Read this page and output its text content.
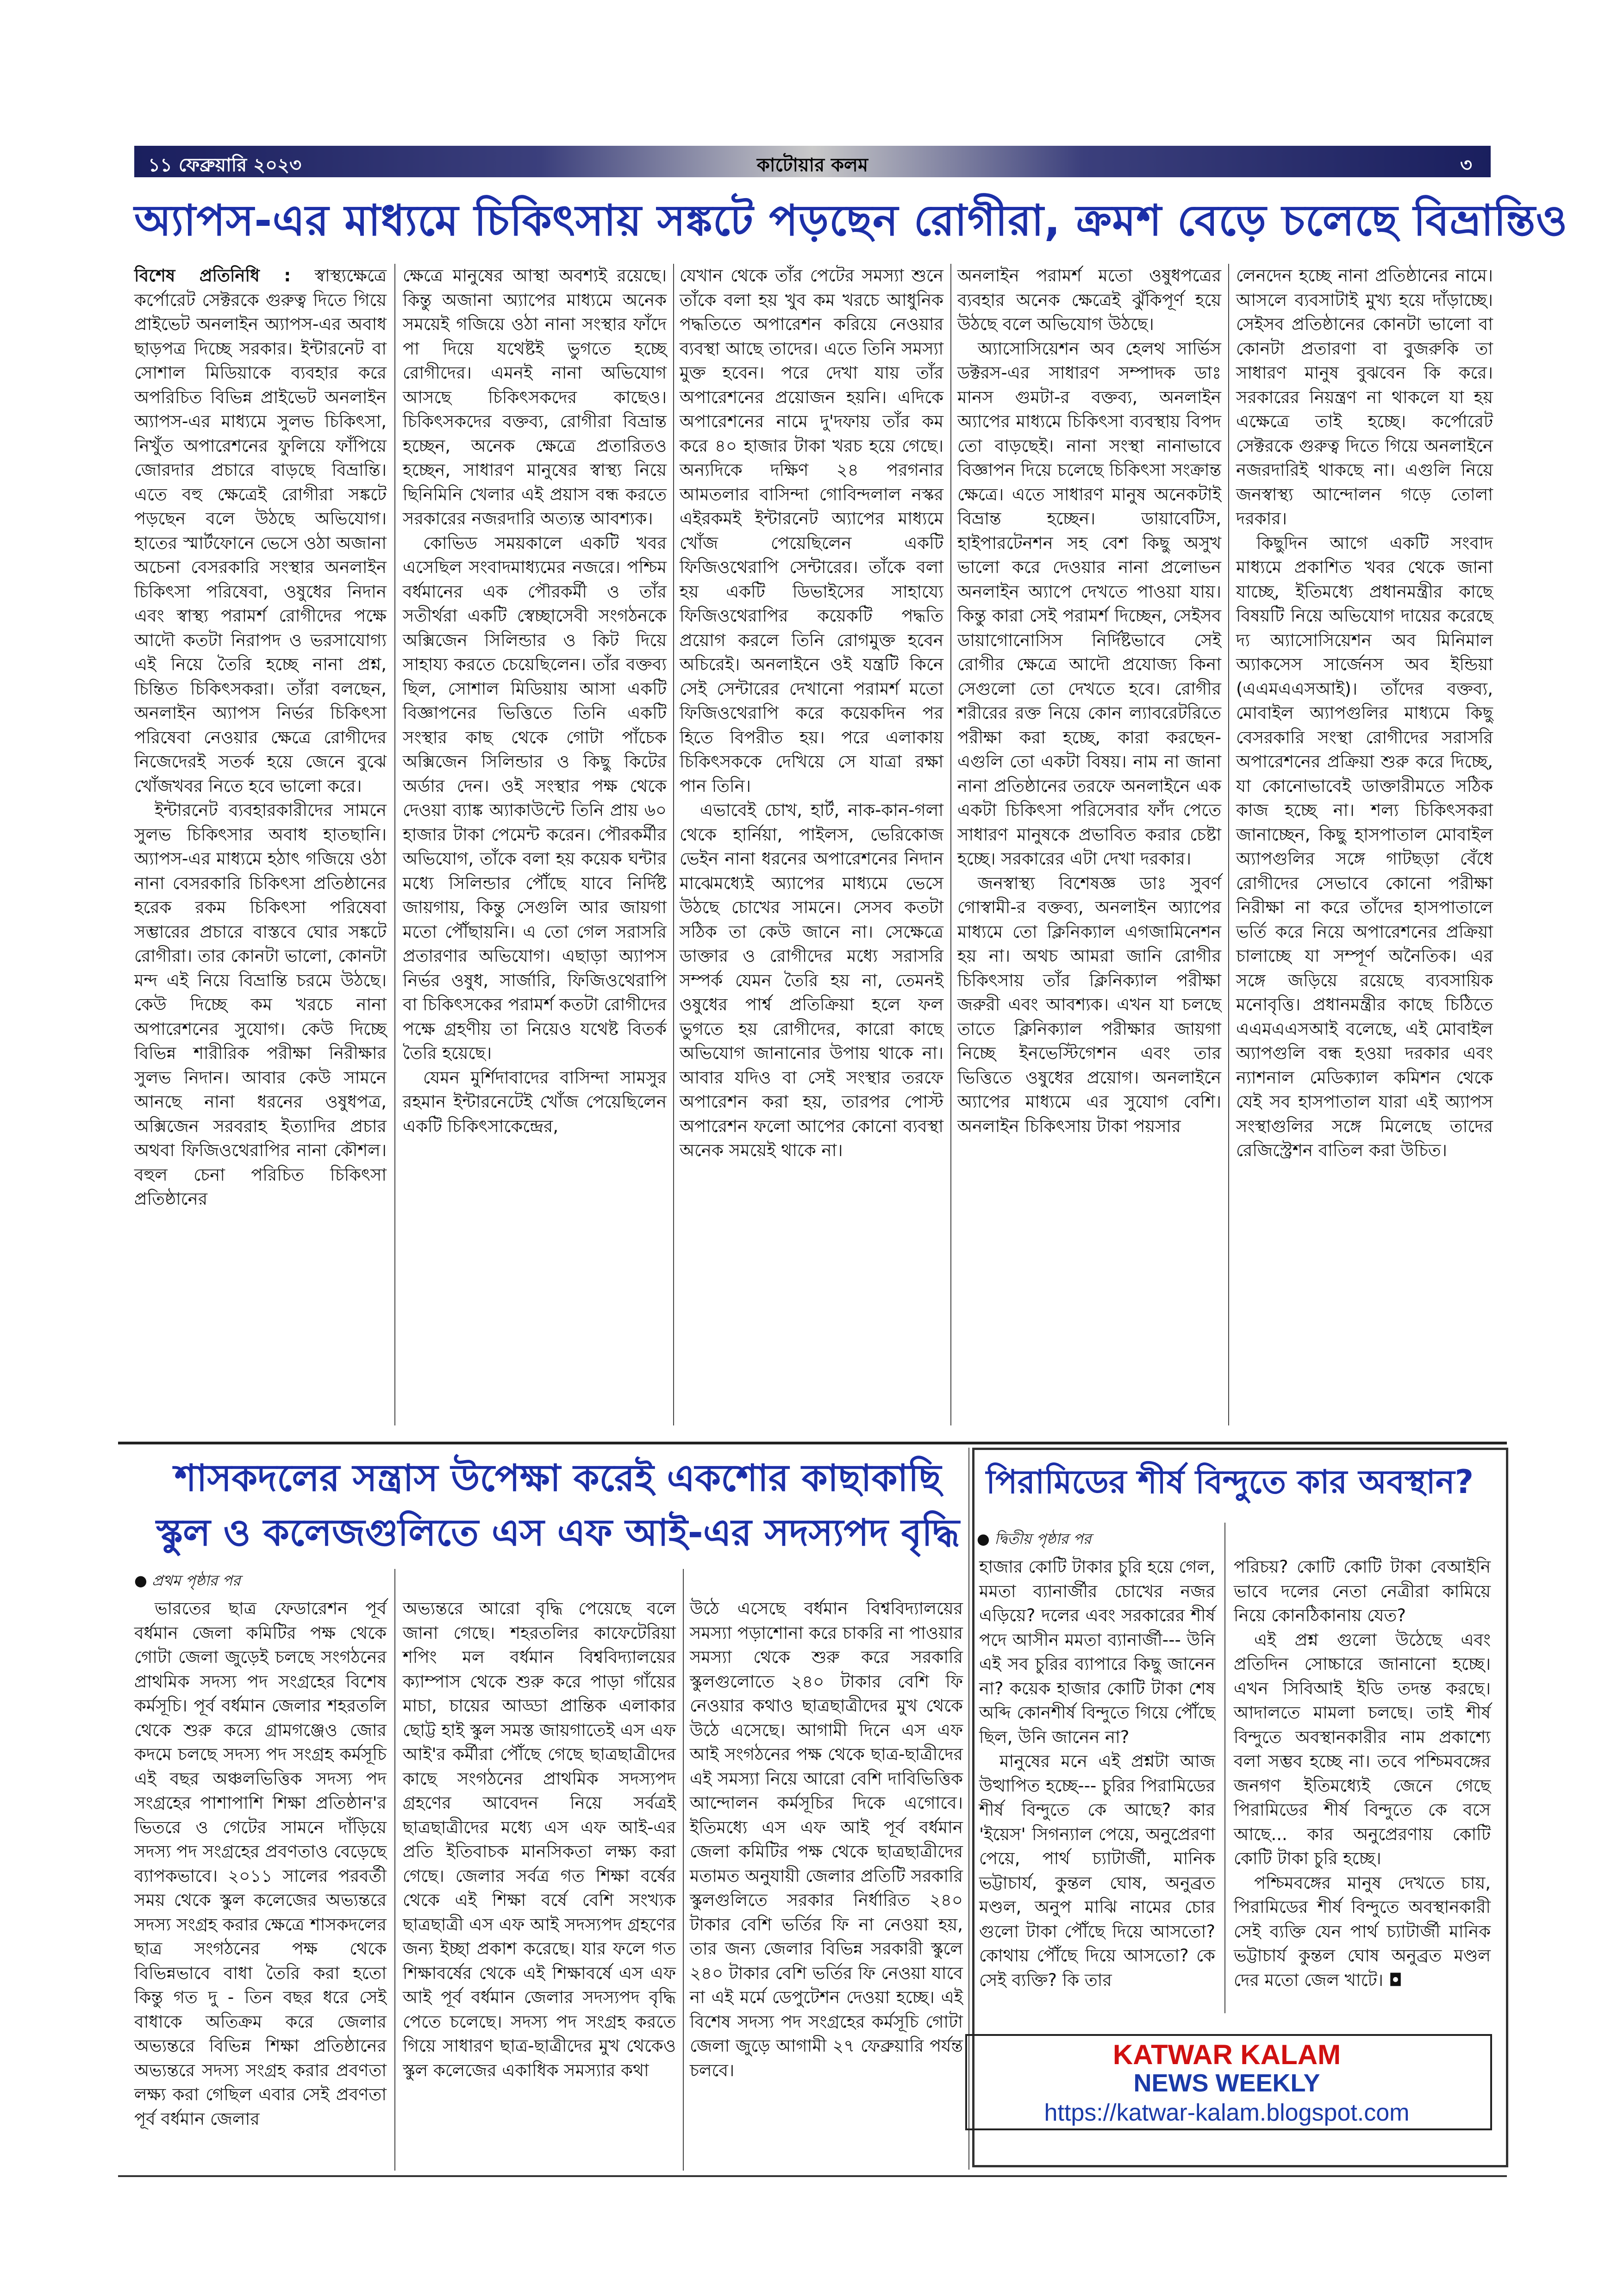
১১ ফেব্রুয়ারি ২০২৩	কাটোয়ার কলম	৩
অ্যাপস-এর মাধ্যমে চিকিৎসায় সঙ্কটে পড়ছেন রোগীরা, ক্রমশ বেড়ে চলেছে বিভ্রান্তিও

বিশেষ প্রতিনিধি : স্বাস্থ্যক্ষেত্রে কর্পোরেট সেক্টরকে গুরুত্ব দিতে গিয়ে প্রাইভেট অনলাইন অ্যাপস-এর অবাধ ছাড়পত্র দিচ্ছে সরকার। ইন্টারনেট বা সোশাল মিডিয়াকে ব্যবহার করে অপরিচিত বিভিন্ন প্রাইভেট অনলাইন অ্যাপস-এর মাধ্যমে সুলভ চিকিৎসা, নিখুঁত অপারেশনের ফুলিয়ে ফাঁপিয়ে জোরদার প্রচারে বাড়ছে বিভ্রান্তি। এতে বহু ক্ষেত্রেই রোগীরা সঙ্কটে পড়ছেন বলে উঠছে অভিযোগ। হাতের স্মার্টফোনে ভেসে ওঠা অজানা অচেনা বেসরকারি সংস্থার অনলাইন চিকিৎসা পরিষেবা, ওষুধের নিদান এবং স্বাস্থ্য পরামর্শ রোগীদের পক্ষে আদৌ কতটা নিরাপদ ও ভরসাযোগ্য এই নিয়ে তৈরি হচ্ছে নানা প্রশ্ন, চিন্তিত চিকিৎসকরা। তাঁরা বলছেন, অনলাইন অ্যাপস নির্ভর চিকিৎসা পরিষেবা নেওয়ার ক্ষেত্রে রোগীদের নিজেদেরই সতর্ক হয়ে জেনে বুঝে খোঁজখবর নিতে হবে ভালো করে।

ইন্টারনেট ব্যবহারকারীদের সামনে সুলভ চিকিৎসার অবাধ হাতছানি। অ্যাপস-এর মাধ্যমে হঠাৎ গজিয়ে ওঠা নানা বেসরকারি চিকিৎসা প্রতিষ্ঠানের হরেক রকম চিকিৎসা পরিষেবা সম্ভারের প্রচারে বাস্তবে ঘোর সঙ্কটে রোগীরা। তার কোনটা ভালো, কোনটা মন্দ এই নিয়ে বিভ্রান্তি চরমে উঠছে। কেউ দিচ্ছে কম খরচে নানা অপারেশনের সুযোগ। কেউ দিচ্ছে বিভিন্ন শারীরিক পরীক্ষা নিরীক্ষার সুলভ নিদান। আবার কেউ সামনে আনছে নানা ধরনের ওষুধপত্র, অক্সিজেন সরবরাহ ইত্যাদির প্রচার অথবা ফিজিওথেরাপির নানা কৌশল। বহুল চেনা পরিচিত চিকিৎসা প্রতিষ্ঠানের

ক্ষেত্রে মানুষের আস্থা অবশ্যই রয়েছে। কিন্তু অজানা অ্যাপের মাধ্যমে অনেক সময়েই গজিয়ে ওঠা নানা সংস্থার ফাঁদে পা দিয়ে যথেষ্টই ভুগতে হচ্ছে রোগীদের। এমনই নানা অভিযোগ আসছে চিকিৎসকদের কাছেও। চিকিৎসকদের বক্তব্য, রোগীরা বিভ্রান্ত হচ্ছেন, অনেক ক্ষেত্রে প্রতারিতও হচ্ছেন, সাধারণ মানুষের স্বাস্থ্য নিয়ে ছিনিমিনি খেলার এই প্রয়াস বন্ধ করতে সরকারের নজরদারি অত্যন্ত আবশ্যক।

কোভিড সময়কালে একটি খবর এসেছিল সংবাদমাধ্যমের নজরে। পশ্চিম বর্ধমানের এক পৌরকর্মী ও তাঁর সতীর্থরা একটি স্বেচ্ছাসেবী সংগঠনকে অক্সিজেন সিলিন্ডার ও কিট দিয়ে সাহায্য করতে চেয়েছিলেন। তাঁর বক্তব্য ছিল, সোশাল মিডিয়ায় আসা একটি বিজ্ঞাপনের ভিত্তিতে তিনি একটি সংস্থার কাছ থেকে গোটা পাঁচেক অক্সিজেন সিলিন্ডার ও কিছু কিটের অর্ডার দেন। ওই সংস্থার পক্ষ থেকে দেওয়া ব্যাঙ্ক অ্যাকাউন্টে তিনি প্রায় ৬০ হাজার টাকা পেমেন্ট করেন। পৌরকর্মীর অভিযোগ, তাঁকে বলা হয় কয়েক ঘন্টার মধ্যে সিলিন্ডার পৌঁছে যাবে নির্দিষ্ট জায়গায়, কিন্তু সেগুলি আর জায়গা মতো পৌঁছায়নি। এ তো গেল সরাসরি প্রতারণার অভিযোগ। এছাড়া অ্যাপস নির্ভর ওষুধ, সার্জারি, ফিজিওথেরাপি বা চিকিৎসকের পরামর্শ কতটা রোগীদের পক্ষে গ্রহণীয় তা নিয়েও যথেষ্ট বিতর্ক তৈরি হয়েছে।

যেমন মুর্শিদাবাদের বাসিন্দা সামসুর রহমান ইন্টারনেটেই খোঁজ পেয়েছিলেন একটি চিকিৎসাকেন্দ্রের,

যেখান থেকে তাঁর পেটের সমস্যা শুনে তাঁকে বলা হয় খুব কম খরচে আধুনিক পদ্ধতিতে অপারেশন করিয়ে নেওয়ার ব্যবস্থা আছে তাদের। এতে তিনি সমস্যা মুক্ত হবেন। পরে দেখা যায় তাঁর অপারেশনের প্রয়োজন হয়নি। এদিকে অপারেশনের নামে দু'দফায় তাঁর কম করে ৪০ হাজার টাকা খরচ হয়ে গেছে। অন্যদিকে দক্ষিণ ২৪ পরগনার আমতলার বাসিন্দা গোবিন্দলাল নস্কর এইরকমই ইন্টারনেট অ্যাপের মাধ্যমে খোঁজ পেয়েছিলেন একটি ফিজিওথেরাপি সেন্টারের। তাঁকে বলা হয় একটি ডিভাইসের সাহায্যে ফিজিওথেরাপির কয়েকটি পদ্ধতি প্রয়োগ করলে তিনি রোগমুক্ত হবেন অচিরেই। অনলাইনে ওই যন্ত্রটি কিনে সেই সেন্টারের দেখানো পরামর্শ মতো ফিজিওথেরাপি করে কয়েকদিন পর হিতে বিপরীত হয়। পরে এলাকায় চিকিৎসককে দেখিয়ে সে যাত্রা রক্ষা পান তিনি।

এভাবেই চোখ, হার্ট, নাক-কান-গলা থেকে হার্নিয়া, পাইলস, ভেরিকোজ ভেইন নানা ধরনের অপারেশনের নিদান মাঝেমধ্যেই অ্যাপের মাধ্যমে ভেসে উঠছে চোখের সামনে। সেসব কতটা সঠিক তা কেউ জানে না। সেক্ষেত্রে ডাক্তার ও রোগীদের মধ্যে সরাসরি সম্পর্ক যেমন তৈরি হয় না, তেমনই ওষুধের পার্শ্ব প্রতিক্রিয়া হলে ফল ভুগতে হয় রোগীদের, কারো কাছে অভিযোগ জানানোর উপায় থাকে না। আবার যদিও বা সেই সংস্থার তরফে অপারেশন করা হয়, তারপর পোস্ট অপারেশন ফলো আপের কোনো ব্যবস্থা অনেক সময়েই থাকে না।

অনলাইন পরামর্শ মতো ওষুধপত্রের ব্যবহার অনেক ক্ষেত্রেই ঝুঁকিপূর্ণ হয়ে উঠছে বলে অভিযোগ উঠছে।

অ্যাসোসিয়েশন অব হেলথ সার্ভিস ডক্টরস-এর সাধারণ সম্পাদক ডাঃ মানস গুমটা-র বক্তব্য, অনলাইন অ্যাপের মাধ্যমে চিকিৎসা ব্যবস্থায় বিপদ তো বাড়ছেই। নানা সংস্থা নানাভাবে বিজ্ঞাপন দিয়ে চলেছে চিকিৎসা সংক্রান্ত ক্ষেত্রে। এতে সাধারণ মানুষ অনেকটাই বিভ্রান্ত হচ্ছেন। ডায়াবেটিস, হাইপারটেনশন সহ বেশ কিছু অসুখ ভালো করে দেওয়ার নানা প্রলোভন অনলাইন অ্যাপে দেখতে পাওয়া যায়। কিন্তু কারা সেই পরামর্শ দিচ্ছেন, সেইসব ডায়াগোনোসিস নির্দিষ্টভাবে সেই রোগীর ক্ষেত্রে আদৌ প্রযোজ্য কিনা সেগুলো তো দেখতে হবে। রোগীর শরীরের রক্ত নিয়ে কোন ল্যাবরেটরিতে পরীক্ষা করা হচ্ছে, কারা করছেন- এগুলি তো একটা বিষয়। নাম না জানা নানা প্রতিষ্ঠানের তরফে অনলাইনে এক একটা চিকিৎসা পরিসেবার ফাঁদ পেতে সাধারণ মানুষকে প্রভাবিত করার চেষ্টা হচ্ছে। সরকারের এটা দেখা দরকার।

জনস্বাস্থ্য বিশেষজ্ঞ ডাঃ সুবর্ণ গোস্বামী-র বক্তব্য, অনলাইন অ্যাপের মাধ্যমে তো ক্লিনিক্যাল এগজামিনেশন হয় না। অথচ আমরা জানি রোগীর চিকিৎসায় তাঁর ক্লিনিক্যাল পরীক্ষা জরুরী এবং আবশ্যক। এখন যা চলছে তাতে ক্লিনিক্যাল পরীক্ষার জায়গা নিচ্ছে ইনভেস্টিগেশন এবং তার ভিত্তিতে ওষুধের প্রয়োগ। অনলাইনে অ্যাপের মাধ্যমে এর সুযোগ বেশি। অনলাইন চিকিৎসায় টাকা পয়সার

লেনদেন হচ্ছে নানা প্রতিষ্ঠানের নামে। আসলে ব্যবসাটাই মুখ্য হয়ে দাঁড়াচ্ছে। সেইসব প্রতিষ্ঠানের কোনটা ভালো বা কোনটা প্রতারণা বা বুজরুকি তা সাধারণ মানুষ বুঝবেন কি করে। সরকারের নিয়ন্ত্রণ না থাকলে যা হয় এক্ষেত্রে তাই হচ্ছে। কর্পোরেট সেক্টরকে গুরুত্ব দিতে গিয়ে অনলাইনে নজরদারিই থাকছে না। এগুলি নিয়ে জনস্বাস্থ্য আন্দোলন গড়ে তোলা দরকার।

কিছুদিন আগে একটি সংবাদ মাধ্যমে প্রকাশিত খবর থেকে জানা যাচ্ছে, ইতিমধ্যে প্রধানমন্ত্রীর কাছে বিষয়টি নিয়ে অভিযোগ দায়ের করেছে দ্য অ্যাসোসিয়েশন অব মিনিমাল অ্যাকসেস সার্জেনস অব ইন্ডিয়া (এএমএএসআই)। তাঁদের বক্তব্য, মোবাইল অ্যাপগুলির মাধ্যমে কিছু বেসরকারি সংস্থা রোগীদের সরাসরি অপারেশনের প্রক্রিয়া শুরু করে দিচ্ছে, যা কোনোভাবেই ডাক্তারীমতে সঠিক কাজ হচ্ছে না। শল্য চিকিৎসকরা জানাচ্ছেন, কিছু হাসপাতাল মোবাইল অ্যাপগুলির সঙ্গে গাটছড়া বেঁধে রোগীদের সেভাবে কোনো পরীক্ষা নিরীক্ষা না করে তাঁদের হাসপাতালে ভর্তি করে নিয়ে অপারেশনের প্রক্রিয়া চালাচ্ছে যা সম্পূর্ণ অনৈতিক। এর সঙ্গে জড়িয়ে রয়েছে ব্যবসায়িক মনোবৃত্তি। প্রধানমন্ত্রীর কাছে চিঠিতে এএমএএসআই বলেছে, এই মোবাইল অ্যাপগুলি বন্ধ হওয়া দরকার এবং ন্যাশনাল মেডিক্যাল কমিশন থেকে যেই সব হাসপাতাল যারা এই অ্যাপস সংস্থাগুলির সঙ্গে মিলেছে তাদের রেজিস্ট্রেশন বাতিল করা উচিত।

শাসকদলের সন্ত্রাস উপেক্ষা করেই একশোর কাছাকাছি
স্কুল ও কলেজগুলিতে এস এফ আই-এর সদস্যপদ বৃদ্ধি
● প্রথম পৃষ্ঠার পর

ভারতের ছাত্র ফেডারেশন পূর্ব বর্ধমান জেলা কমিটির পক্ষ থেকে গোটা জেলা জুড়েই চলছে সংগঠনের প্রাথমিক সদস্য পদ সংগ্রহের বিশেষ কর্মসূচি। পূর্ব বর্ধমান জেলার শহরতলি থেকে শুরু করে গ্রামগঞ্জেও জোর কদমে চলছে সদস্য পদ সংগ্রহ কর্মসূচি এই বছর অঞ্চলভিত্তিক সদস্য পদ সংগ্রহের পাশাপাশি শিক্ষা প্রতিষ্ঠান'র ভিতরে ও গেটের সামনে দাঁড়িয়ে সদস্য পদ সংগ্রহের প্রবণতাও বেড়েছে ব্যাপকভাবে। ২০১১ সালের পরবর্তী সময় থেকে স্কুল কলেজের অভ্যন্তরে সদস্য সংগ্রহ করার ক্ষেত্রে শাসকদলের ছাত্র সংগঠনের পক্ষ থেকে বিভিন্নভাবে বাধা তৈরি করা হতো কিন্তু গত দু - তিন বছর ধরে সেই বাধাকে অতিক্রম করে জেলার অভ্যন্তরে বিভিন্ন শিক্ষা প্রতিষ্ঠানের অভ্যন্তরে সদস্য সংগ্রহ করার প্রবণতা লক্ষ্য করা গেছিল এবার সেই প্রবণতা পূর্ব বর্ধমান জেলার

অভ্যন্তরে আরো বৃদ্ধি পেয়েছে বলে জানা গেছে। শহরতলির কাফেটেরিয়া শপিং মল বর্ধমান বিশ্ববিদ্যালয়ের ক্যাম্পাস থেকে শুরু করে পাড়া গাঁয়ের মাচা, চায়ের আড্ডা প্রান্তিক এলাকার ছোট্ট হাই স্কুল সমস্ত জায়গাতেই এস এফ আই'র কর্মীরা পৌঁছে গেছে ছাত্রছাত্রীদের কাছে সংগঠনের প্রাথমিক সদস্যপদ গ্রহণের আবেদন নিয়ে সর্বত্রই ছাত্রছাত্রীদের মধ্যে এস এফ আই-এর প্রতি ইতিবাচক মানসিকতা লক্ষ্য করা গেছে। জেলার সর্বত্র গত শিক্ষা বর্ষের থেকে এই শিক্ষা বর্ষে বেশি সংখ্যক ছাত্রছাত্রী এস এফ আই সদস্যপদ গ্রহণের জন্য ইচ্ছা প্রকাশ করেছে। যার ফলে গত শিক্ষাবর্ষের থেকে এই শিক্ষাবর্ষে এস এফ আই পূর্ব বর্ধমান জেলার সদস্যপদ বৃদ্ধি পেতে চলেছে। সদস্য পদ সংগ্রহ করতে গিয়ে সাধারণ ছাত্র-ছাত্রীদের মুখ থেকেও স্কুল কলেজের একাধিক সমস্যার কথা

উঠে এসেছে বর্ধমান বিশ্ববিদ্যালয়ের সমস্যা পড়াশোনা করে চাকরি না পাওয়ার সমস্যা থেকে শুরু করে সরকারি স্কুলগুলোতে ২৪০ টাকার বেশি ফি নেওয়ার কথাও ছাত্রছাত্রীদের মুখ থেকে উঠে এসেছে। আগামী দিনে এস এফ আই সংগঠনের পক্ষ থেকে ছাত্র-ছাত্রীদের এই সমস্যা নিয়ে আরো বেশি দাবিভিত্তিক আন্দোলন কর্মসূচির দিকে এগোবে। ইতিমধ্যে এস এফ আই পূর্ব বর্ধমান জেলা কমিটির পক্ষ থেকে ছাত্রছাত্রীদের মতামত অনুযায়ী জেলার প্রতিটি সরকারি স্কুলগুলিতে সরকার নির্ধারিত ২৪০ টাকার বেশি ভর্তির ফি না নেওয়া হয়, তার জন্য জেলার বিভিন্ন সরকারী স্কুলে ২৪০ টাকার বেশি ভর্তির ফি নেওয়া যাবে না এই মর্মে ডেপুটেশন দেওয়া হচ্ছে। এই বিশেষ সদস্য পদ সংগ্রহের কর্মসূচি গোটা জেলা জুড়ে আগামী ২৭ ফেব্রুয়ারি পর্যন্ত চলবে।

পিরামিডের শীর্ষ বিন্দুতে কার অবস্থান?
● দ্বিতীয় পৃষ্ঠার পর

হাজার কোটি টাকার চুরি হয়ে গেল, মমতা ব্যানার্জীর চোখের নজর এড়িয়ে? দলের এবং সরকারের শীর্ষ পদে আসীন মমতা ব্যানার্জী--- উনি এই সব চুরির ব্যাপারে কিছু জানেন না? কয়েক হাজার কোটি টাকা শেষ অব্দি কোনশীর্ষ বিন্দুতে গিয়ে পৌঁছে ছিল, উনি জানেন না?

মানুষের মনে এই প্রশ্নটা আজ উত্থাপিত হচ্ছে--- চুরির পিরামিডের শীর্ষ বিন্দুতে কে আছে? কার 'ইয়েস' সিগন্যাল পেয়ে, অনুপ্রেরণা পেয়ে, পার্থ চ্যাটার্জী, মানিক ভট্টাচার্য, কুন্তল ঘোষ, অনুব্রত মণ্ডল, অনুপ মাঝি নামের চোর গুলো টাকা পৌঁছে দিয়ে আসতো? কোথায় পৌঁছে দিয়ে আসতো? কে সেই ব্যক্তি? কি তার

পরিচয়? কোটি কোটি টাকা বেআইনি ভাবে দলের নেতা নেত্রীরা কামিয়ে নিয়ে কোনঠিকানায় যেত?

এই প্রশ্ন গুলো উঠেছে এবং প্রতিদিন সোচ্চারে জানানো হচ্ছে। এখন সিবিআই ইডি তদন্ত করছে। আদালতে মামলা চলছে। তাই শীর্ষ বিন্দুতে অবস্থানকারীর নাম প্রকাশ্যে বলা সম্ভব হচ্ছে না। তবে পশ্চিমবঙ্গের জনগণ ইতিমধ্যেই জেনে গেছে পিরামিডের শীর্ষ বিন্দুতে কে বসে আছে... কার অনুপ্রেরণায় কোটি কোটি টাকা চুরি হচ্ছে।

পশ্চিমবঙ্গের মানুষ দেখতে চায়, পিরামিডের শীর্ষ বিন্দুতে অবস্থানকারী সেই ব্যক্তি যেন পার্থ চ্যাটার্জী মানিক ভট্টাচার্য কুন্তল ঘোষ অনুব্রত মণ্ডল দের মতো জেল খাটে। ◘

KATWAR KALAM
NEWS WEEKLY
https://katwar-kalam.blogspot.com
